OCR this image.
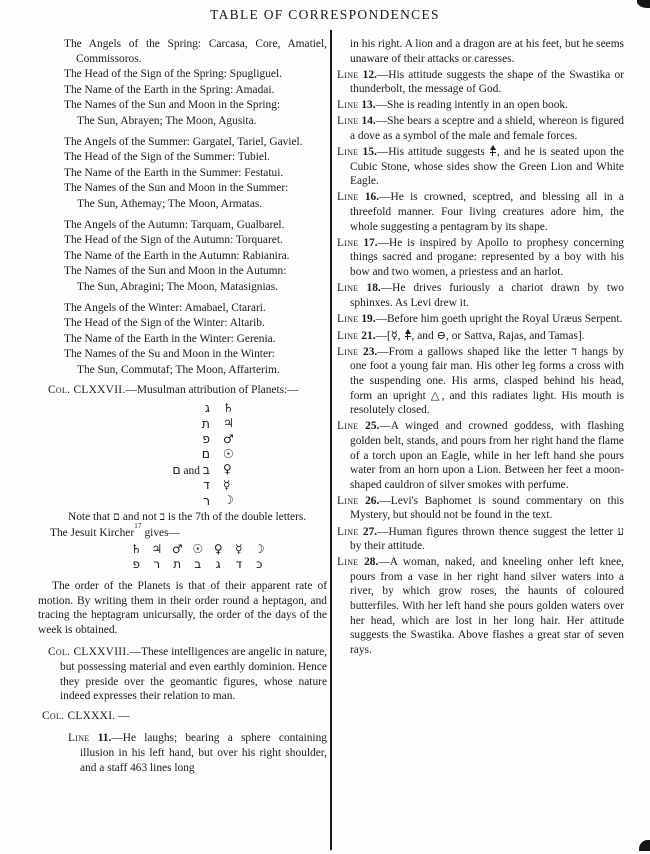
TABLE OF CORRESPONDENCES

The Angels of the Spring: Carcasa, Core, Amatiel, Commissoros.

The Head of the Sign of the Spring: Spugliguel.

The Name of the Earth in the Spring: Amadai.

The Names of the Sun and Moon in the Spring:

The Sun, Abrayen; The Moon, Agusita.

The Angels of the Summer: Gargatel, Tariel, Gaviel.

The Head of the Sign of the Summer: Tubiel.

The Name of the Earth in the Summer: Festatui.

The Names of the Sun and Moon in the Summer:

The Sun, Athemay; The Moon, Armatas.

The Angels of the Autumn: Tarquam, Gualbarel.

The Head of the Sign of the Autumn: Torquaret.

The Name of the Earth in the Autumn: Rabianira.

The Names of the Sun and Moon in the Autumn:

The Sun, Abragini; The Moon, Matasignias.

The Angels of the Winter: Amabael, Ctarari.

The Head of the Sign of the Winter: Altarib.

The Name of the Earth in the Winter: Gerenia.

The Names of the Su and Moon in the Winter:

The Sun, Commutaf; The Moon, Affarterim.

Col. CLXXVII.—Musulman attribution of Planets:—

ג ♄
ת ♃
פ ♂
ם ☉
ם and ב ♀
ד ☿
ר ☽

Note that ם and not ב is the 7th of the double letters.

The Jesuit Kircher$^{17}$ gives—

♄ ♃ ♂ ☉ ♀	☿ ☽
פ	ר	ת	ב	ג	ד	כ

The order of the Planets is that of their apparent rate of motion. By writing them in their order round a heptagon, and tracing the heptagram unicursally, the order of the days of the week is obtained.

Col. CLXXVIII.—These intelligences are angelic in nature, but possessing material and even earthly dominion. Hence they preside over the geomantic figures, whose nature indeed expresses their relation to man.

Col. CLXXXI. —

Line 11.—He laughs; bearing a sphere containing illusion in his left hand, but over his right shoulder, and a staff 463 lines long

in his right. A lion and a dragon are at his feet, but he seems unaware of their attacks or caresses.

Line 12.—His attitude suggests the shape of the Swastika or thunderbolt, the message of God.

Line 13.—She is reading intently in an open book.

Line 14.—She bears a sceptre and a shield, whereon is figured a dove as a symbol of the male and female forces.

Line 15.—His attitude suggests
, and he is seated upon the Cubic Stone, whose sides show the Green Lion and White Eagle.

Line 16.—He is crowned, sceptred, and blessing all in a threefold manner. Four living creatures adore him, the whole suggesting a pentagram by its shape.

Line 17.—He is inspired by Apollo to prophesy concerning things sacred and progane: represented by a boy with his bow and two women, a priestess and an harlot.

Line 18.—He drives furiously a chariot drawn by two sphinxes. As Levi drew it.

Line 19.—Before him goeth upright the Royal Uræus Serpent.

Line 21.—[☿,
, and ⊖, or Sattva, Rajas, and Tamas].

Line 23.—From a gallows shaped like the letter ד hangs by one foot a young fair man. His other leg forms a cross with the suspending one. His arms, clasped behind his head, form an upright △, and this radiates light. His mouth is resolutely closed.

Line 25.—A winged and crowned goddess, with flashing golden belt, stands, and pours from her right hand the flame of a torch upon an Eagle, while in her left hand she pours water from an horn upon a Lion. Between her feet a moon-shaped cauldron of silver smokes with perfume.

Line 26.—Levi's Baphomet is sound commentary on this Mystery, but should not be found in the text.

Line 27.—Human figures thrown thence suggest the letter ע by their attitude.

Line 28.—A woman, naked, and kneeling onher left knee, pours from a vase in her right hand silver waters into a river, by which grow roses, the haunts of coloured butterfiles. With her left hand she pours golden waters over her head, which are lost in her long hair. Her attitude suggests the Swastika. Above flashes a great star of seven rays.
